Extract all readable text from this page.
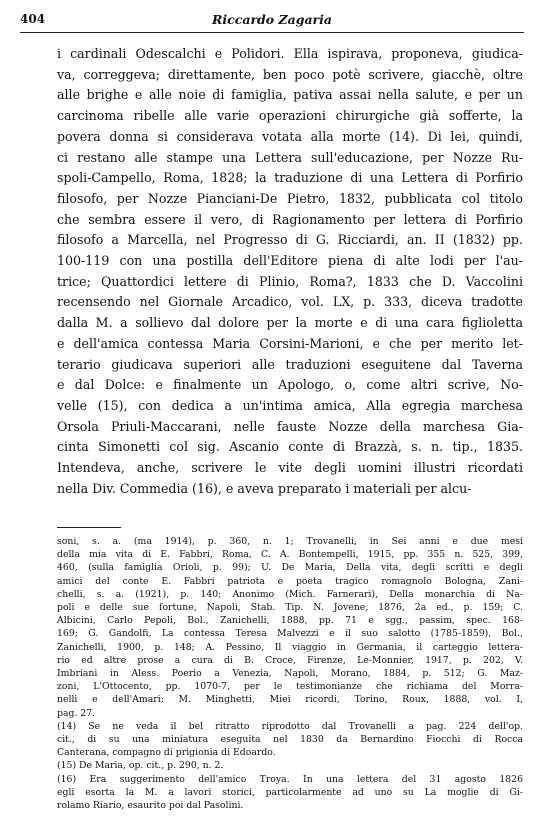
404	Riccardo Zagaria
i cardinali Odescalchi e Polidori. Ella ispirava, proponeva, giudica-
va, correggeva; direttamente, ben poco potè scrivere, giacchè, oltre
alle brighe e alle noie di famiglia, pativa assai nella salute, e per un
carcinoma ribelle alle varie operazioni chirurgiche già sofferte, la
povera donna si considerava votata alla morte (14). Di lei, quindi,
ci restano alle stampe una Lettera sull'educazione, per Nozze Ru-
spoli-Campello, Roma, 1828; la traduzione di una Lettera di Porfirio
filosofo, per Nozze Pianciani-De Pietro, 1832, pubblicata col titolo
che sembra essere il vero, di Ragionamento per lettera di Porfirio
filosofo a Marcella, nel Progresso di G. Ricciardi, an. II (1832) pp.
100-119 con una postilla dell'Editore piena di alte lodi per l'au-
trice; Quattordici lettere di Plinio, Roma?, 1833 che D. Vaccolini
recensendo nel Giornale Arcadico, vol. LX, p. 333, diceva tradotte
dalla M. a sollievo dal dolore per la morte e di una cara figlioletta
e dell'amica contessa Maria Corsini-Marioni, e che per merito let-
terario giudicava superiori alle traduzioni eseguitene dal Taverna
e dal Dolce: e finalmente un Apologo, o, come altri scrive, No-
velle (15), con dedica a un'intima amica, Alla egregia marchesa
Orsola Priuli-Maccarani, nelle fauste Nozze della marchesa Gia-
cinta Simonetti col sig. Ascanio conte di Brazzà, s. n. tip., 1835.
Intendeva, anche, scrivere le vite degli uomini illustri ricordati
nella Div. Commedia (16), e aveva preparato i materiali per alcu-
soni, s. a. (ma 1914), p. 360, n. 1; Trovanelli, in Sei anni e due mesi
della mia vita di E. Fabbri, Roma, C. A. Bontempelli, 1915, pp. 355 n. 525, 399,
460, (sulla famiglia Orioli, p. 99); U. De Maria, Della vita, degli scritti e degli
amici del conte E. Fabbri patriota e poeta tragico romagnolo Bologna, Zani-
chelli, s. a. (1921), p. 140; Anonimo (Mich. Farnerari), Della monarchia di Na-
poli e delle sue fortune, Napoli, Stab. Tip. N. Jovene, 1876, 2a ed., p. 159; C.
Albicini, Carlo Pepoli, Bol., Zanichelli, 1888, pp. 71 e sgg., passim, spec. 168-
169; G. Gandolfi, La contessa Teresa Malvezzi e il suo salotto (1785-1859), Bol.,
Zanichelli, 1900, p. 148; A. Pessino, Il viaggio in Germania, il carteggio lettera-
rio ed altre prose a cura di B. Croce, Firenze, Le-Monnier, 1917, p. 202, V.
Imbriani in Aless. Poerio a Venezia, Napoli, Morano, 1884, p. 512; G. Maz-
zoni, L'Ottocento, pp. 1070-7, per le testimonianze che richiama del Morra-
nelli e dell'Amari; M. Minghetti, Miei ricordi, Torino, Roux, 1888, vol. I,
pag. 27.
(14) Se ne veda il bel ritratto riprodotto dal Trovanelli a pag. 224 dell'op.
cit., di su una miniatura eseguita nel 1830 da Bernardino Fiocchi di Rocca
Canterana, compagno di prigionia di Edoardo.
(15) De Maria, op. cit., p. 290, n. 2.
(16) Era suggerimento dell'amico Troya. In una lettera del 31 agosto 1826
egli esorta la M. a lavori storici, particolarmente ad uno su La moglie di Gi-
rolamo Riario, esaurito poi dal Pasolini.
